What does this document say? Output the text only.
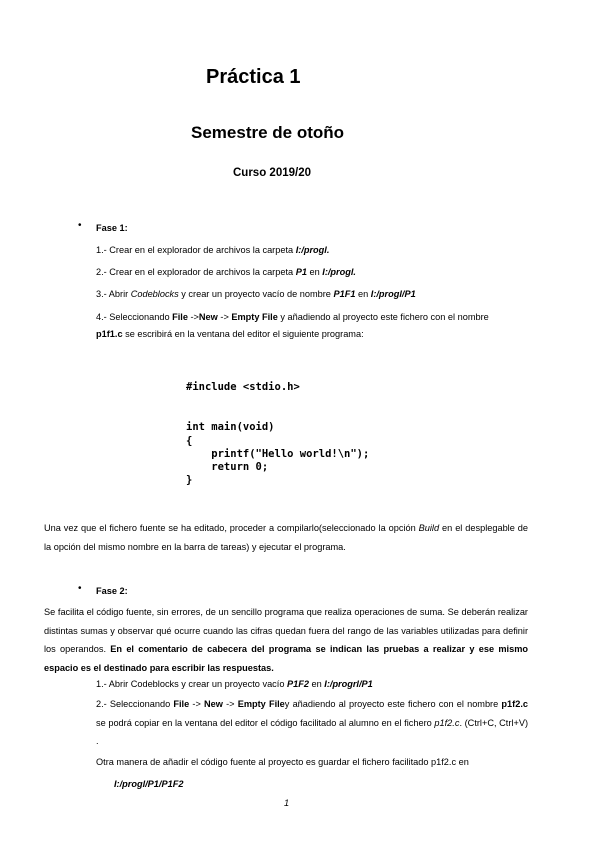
Práctica 1
Semestre de otoño
Curso 2019/20
• Fase 1:
1.- Crear en el explorador de archivos la carpeta I:/progl.
2.- Crear en el explorador de archivos la carpeta P1 en I:/progl.
3.- Abrir Codeblocks y crear un proyecto vacío de nombre P1F1 en I:/progl/P1
4.- Seleccionando File ->New -> Empty File y añadiendo al proyecto este fichero con el nombre
p1f1.c se escribirá en la ventana del editor el siguiente programa:
#include <stdio.h>
int main(void)
{
printf("Hello world!\n");
return 0;
}
Una vez que el fichero fuente se ha editado, proceder a compilarlo(seleccionado la opción Build en el desplegable de la opción del mismo nombre en la barra de tareas) y ejecutar el programa.
• Fase 2:
Se facilita el código fuente, sin errores, de un sencillo programa que realiza operaciones de suma. Se deberán realizar distintas sumas y observar qué ocurre cuando las cifras quedan fuera del rango de las variables utilizadas para definir los operandos. En el comentario de cabecera del programa se indican las pruebas a realizar y ese mismo espacio es el destinado para escribir las respuestas.
1.- Abrir Codeblocks y crear un proyecto vacío P1F2 en I:/progrl/P1
2.- Seleccionando File -> New -> Empty Filey añadiendo al proyecto este fichero con el nombre p1f2.c se podrá copiar en la ventana del editor el código facilitado al alumno en el fichero p1f2.c. (Ctrl+C, Ctrl+V) .
Otra manera de añadir el código fuente al proyecto es guardar el fichero facilitado p1f2.c en
I:/progl/P1/P1F2
1
